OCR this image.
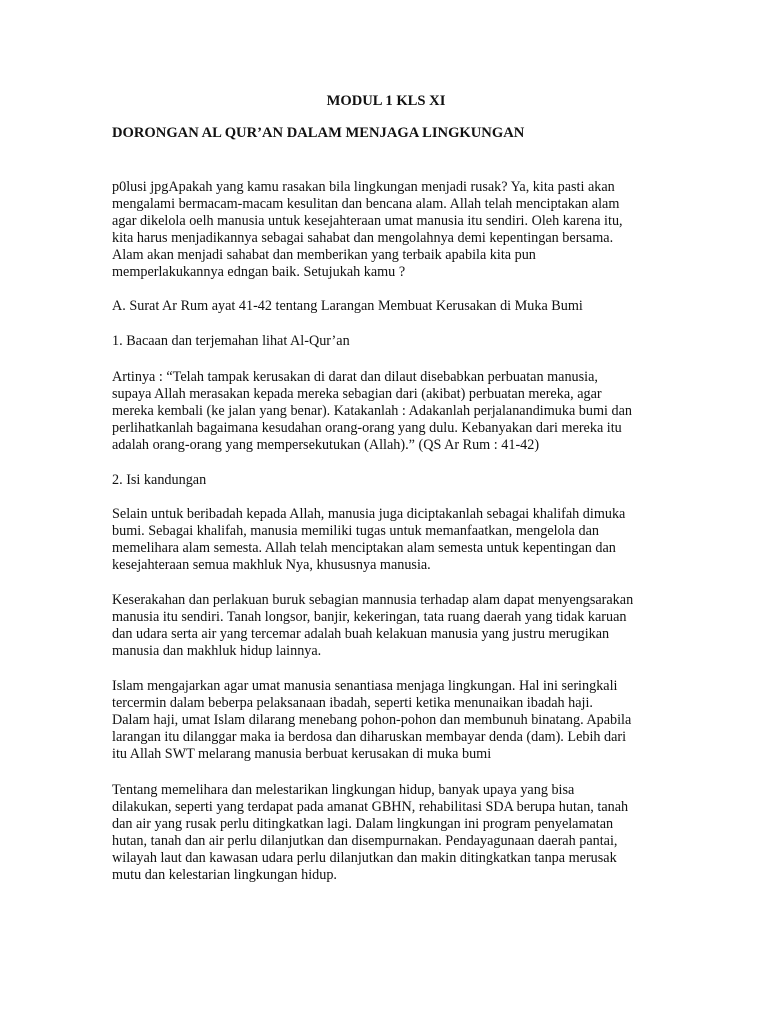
MODUL 1 KLS XI
DORONGAN AL QUR’AN DALAM MENJAGA LINGKUNGAN
p0lusi jpgApakah yang kamu rasakan bila lingkungan menjadi rusak? Ya, kita pasti akan
mengalami bermacam-macam kesulitan dan bencana alam. Allah telah menciptakan alam
agar dikelola oelh manusia untuk kesejahteraan umat manusia itu sendiri. Oleh karena itu,
kita harus menjadikannya sebagai sahabat dan mengolahnya demi kepentingan bersama.
Alam akan menjadi sahabat dan memberikan yang terbaik apabila kita pun
memperlakukannya edngan baik. Setujukah kamu ?
A. Surat Ar Rum ayat 41-42 tentang Larangan Membuat Kerusakan di Muka Bumi
1. Bacaan dan terjemahan lihat Al-Qur’an
Artinya : “Telah tampak kerusakan di darat dan dilaut disebabkan perbuatan manusia,
supaya Allah merasakan kepada mereka sebagian dari (akibat) perbuatan mereka, agar
mereka kembali (ke jalan yang benar). Katakanlah : Adakanlah perjalanandimuka bumi dan
perlihatkanlah bagaimana kesudahan orang-orang yang dulu. Kebanyakan dari mereka itu
adalah orang-orang yang mempersekutukan (Allah).” (QS Ar Rum : 41-42)
2. Isi kandungan
Selain untuk beribadah kepada Allah, manusia juga diciptakanlah sebagai khalifah dimuka
bumi. Sebagai khalifah, manusia memiliki tugas untuk memanfaatkan, mengelola dan
memelihara alam semesta. Allah telah menciptakan alam semesta untuk kepentingan dan
kesejahteraan semua makhluk Nya, khususnya manusia.
Keserakahan dan perlakuan buruk sebagian mannusia terhadap alam dapat menyengsarakan
manusia itu sendiri. Tanah longsor, banjir, kekeringan, tata ruang daerah yang tidak karuan
dan udara serta air yang tercemar adalah buah kelakuan manusia yang justru merugikan
manusia dan makhluk hidup lainnya.
Islam mengajarkan agar umat manusia senantiasa menjaga lingkungan. Hal ini seringkali
tercermin dalam beberpa pelaksanaan ibadah, seperti ketika menunaikan ibadah haji.
Dalam haji, umat Islam dilarang menebang pohon-pohon dan membunuh binatang. Apabila
larangan itu dilanggar maka ia berdosa dan diharuskan membayar denda (dam). Lebih dari
itu Allah SWT melarang manusia berbuat kerusakan di muka bumi
Tentang memelihara dan melestarikan lingkungan hidup, banyak upaya yang bisa
dilakukan, seperti yang terdapat pada amanat GBHN, rehabilitasi SDA berupa hutan, tanah
dan air yang rusak perlu ditingkatkan lagi. Dalam lingkungan ini program penyelamatan
hutan, tanah dan air perlu dilanjutkan dan disempurnakan. Pendayagunaan daerah pantai,
wilayah laut dan kawasan udara perlu dilanjutkan dan makin ditingkatkan tanpa merusak
mutu dan kelestarian lingkungan hidup.
